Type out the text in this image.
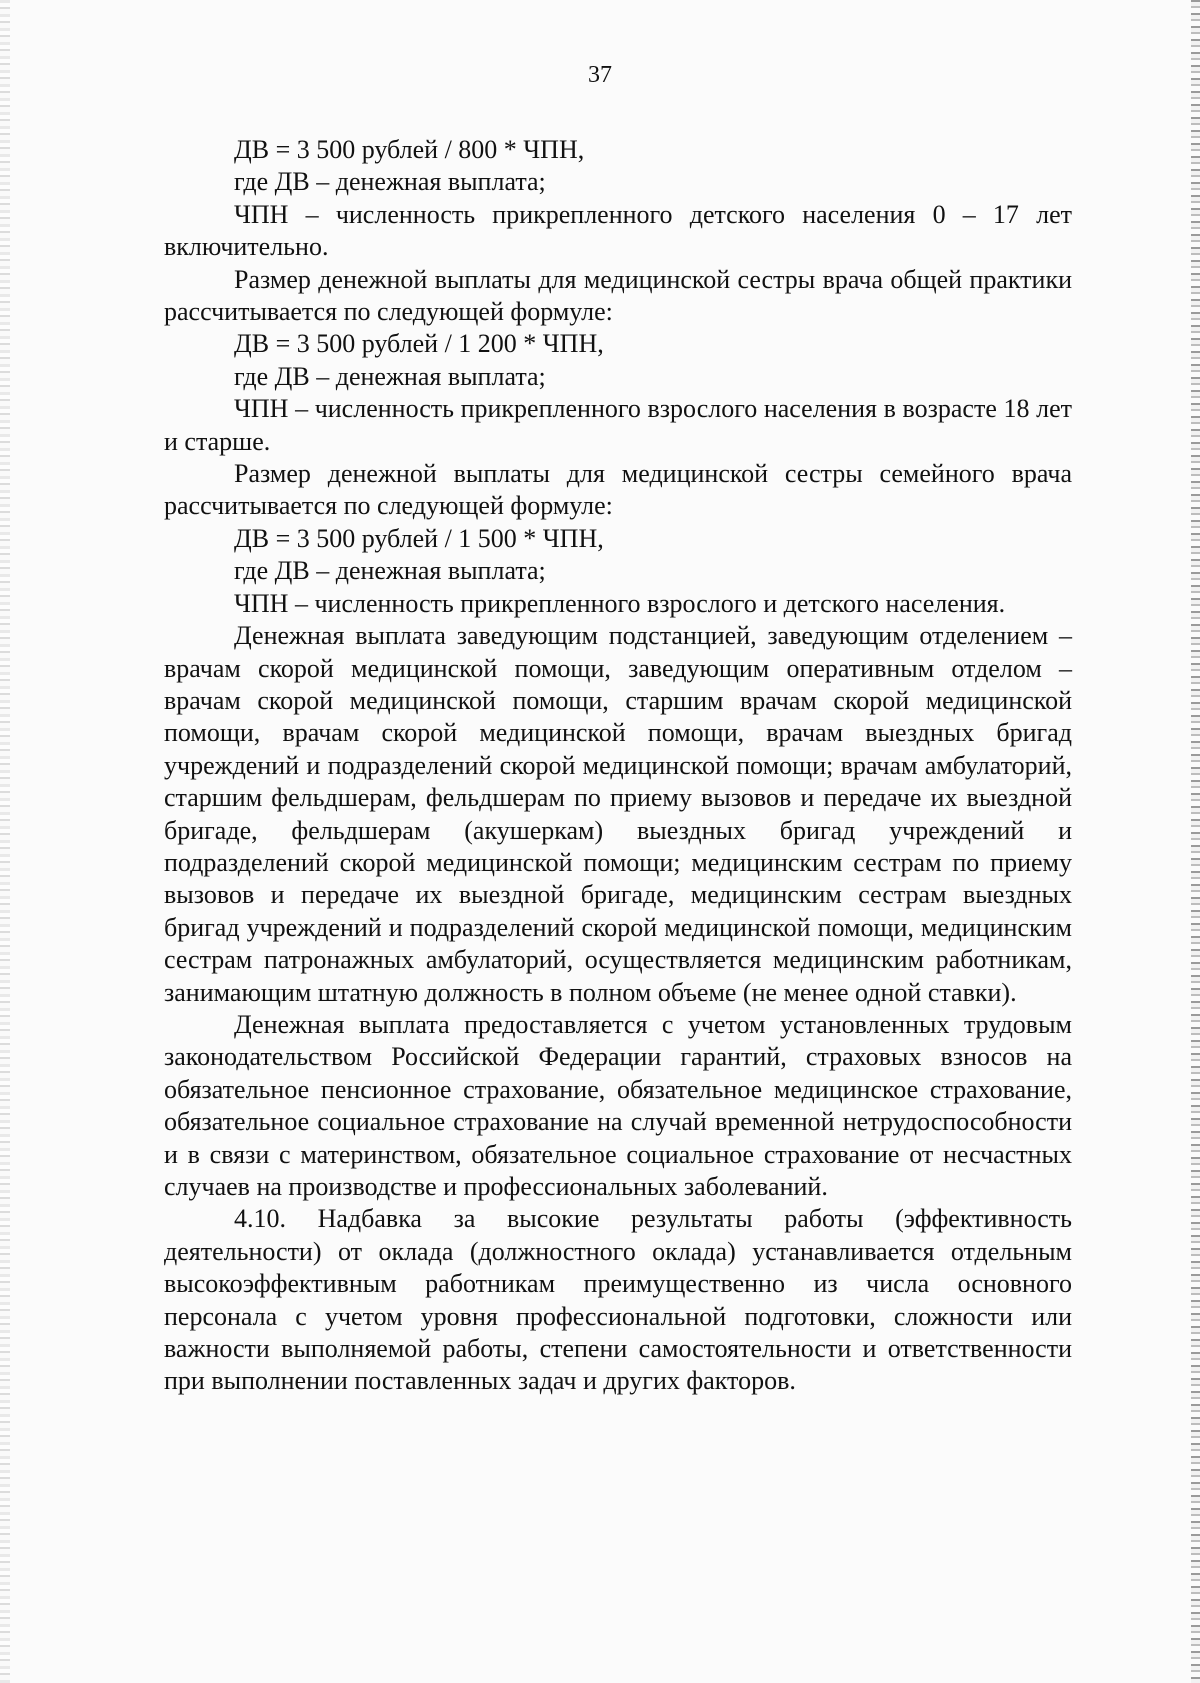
37

ДВ = 3 500 рублей / 800 * ЧПН,

где ДВ – денежная выплата;

ЧПН – численность прикрепленного детского населения 0 – 17 лет включительно.

Размер денежной выплаты для медицинской сестры врача общей практики рассчитывается по следующей формуле:

ДВ = 3 500 рублей / 1 200 * ЧПН,

где ДВ – денежная выплата;

ЧПН – численность прикрепленного взрослого населения в возрасте 18 лет и старше.

Размер денежной выплаты для медицинской сестры семейного врача рассчитывается по следующей формуле:

ДВ = 3 500 рублей / 1 500 * ЧПН,

где ДВ – денежная выплата;

ЧПН – численность прикрепленного взрослого и детского населения.

Денежная выплата заведующим подстанцией, заведующим отделением – врачам скорой медицинской помощи, заведующим оперативным отделом – врачам скорой медицинской помощи, старшим врачам скорой медицинской помощи, врачам скорой медицинской помощи, врачам выездных бригад учреждений и подразделений скорой медицинской помощи; врачам амбулаторий, старшим фельдшерам, фельдшерам по приему вызовов и передаче их выездной бригаде, фельдшерам (акушеркам) выездных бригад учреждений и подразделений скорой медицинской помощи; медицинским сестрам по приему вызовов и передаче их выездной бригаде, медицинским сестрам выездных бригад учреждений и подразделений скорой медицинской помощи, медицинским сестрам патронажных амбулаторий, осуществляется медицинским работникам, занимающим штатную должность в полном объеме (не менее одной ставки).

Денежная выплата предоставляется с учетом установленных трудовым законодательством Российской Федерации гарантий, страховых взносов на обязательное пенсионное страхование, обязательное медицинское страхование, обязательное социальное страхование на случай временной нетрудоспособности и в связи с материнством, обязательное социальное страхование от несчастных случаев на производстве и профессиональных заболеваний.

4.10. Надбавка за высокие результаты работы (эффективность деятельности) от оклада (должностного оклада) устанавливается отдельным высокоэффективным работникам преимущественно из числа основного персонала с учетом уровня профессиональной подготовки, сложности или важности выполняемой работы, степени самостоятельности и ответственности при выполнении поставленных задач и других факторов.
